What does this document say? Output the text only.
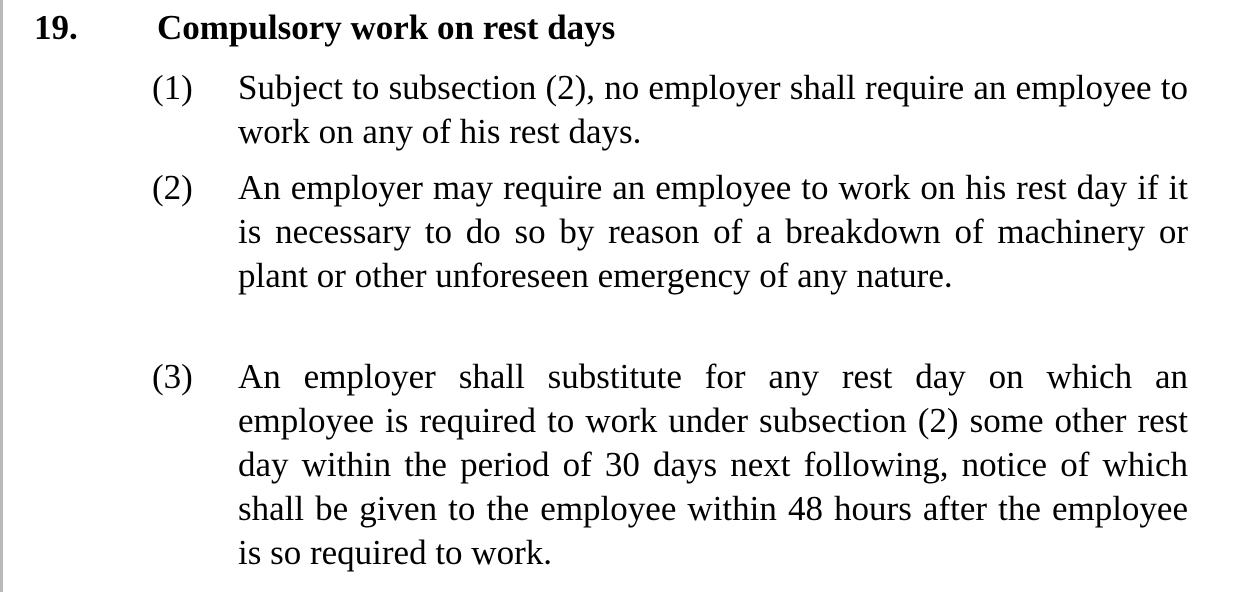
19. Compulsory work on rest days
(1) Subject to subsection (2), no employer shall require an employee to work on any of his rest days.

(2) An employer may require an employee to work on his rest day if it is necessary to do so by reason of a breakdown of machinery or plant or other unforeseen emergency of any nature.

(3) An employer shall substitute for any rest day on which an employee is required to work under subsection (2) some other rest day within the period of 30 days next following, notice of which shall be given to the employee within 48 hours after the employee is so required to work.
